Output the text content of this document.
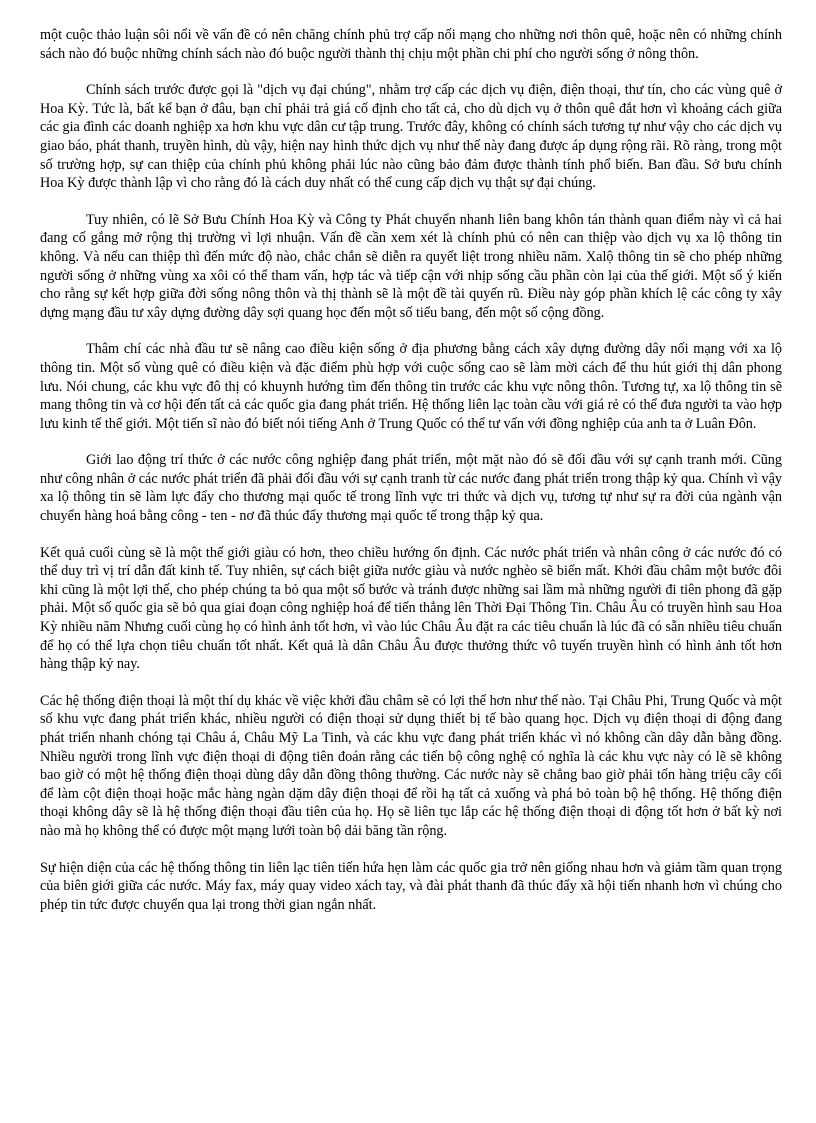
một cuộc thảo luận sôi nổi về vấn đề có nên chăng chính phủ trợ cấp nối mạng cho những nơi thôn quê, hoặc nên có những chính sách nào đó buộc những chính sách nào đó buộc người thành thị chịu một phần chi phí cho người sống ở nông thôn.

Chính sách trước được gọi là "dịch vụ đại chúng", nhằm trợ cấp các dịch vụ điện, điện thoại, thư tín, cho các vùng quê ở Hoa Kỳ. Tức là, bất kể bạn ở đâu, bạn chỉ phải trả giá cố định cho tất cả, cho dù dịch vụ ở thôn quê đắt hơn vì khoảng cách giữa các gia đình các doanh nghiệp xa hơn khu vực dân cư tập trung. Trước đây, không có chính sách tương tự như vậy cho các dịch vụ giao báo, phát thanh, truyền hình, dù vậy, hiện nay hình thức dịch vụ như thế này đang được áp dụng rộng rãi. Rõ ràng, trong một số trường hợp, sự can thiệp của chính phủ không phải lúc nào cũng bảo đảm được thành tính phổ biến. Ban đầu. Sở bưu chính Hoa Kỳ được thành lập vì cho rằng đó là cách duy nhất có thể cung cấp dịch vụ thật sự đại chúng.

Tuy nhiên, có lẽ Sở Bưu Chính Hoa Kỳ và Công ty Phát chuyển nhanh liên bang khôn tán thành quan điểm này vì cả hai đang cố gắng mở rộng thị trường vì lợi nhuận. Vấn đề cần xem xét là chính phủ có nên can thiệp vào dịch vụ xa lộ thông tin không. Và nếu can thiệp thì đến mức độ nào, chắc chắn sẽ diễn ra quyết liệt trong nhiều năm. Xalộ thông tin sẽ cho phép những người sống ở những vùng xa xôi có thể tham vấn, hợp tác và tiếp cận với nhịp sống cầu phần còn lại của thế giới. Một số ý kiến cho rằng sự kết hợp giữa đời sống nông thôn và thị thành sẽ là một đề tài quyến rũ. Điều này góp phần khích lệ các công ty xây dựng mạng đầu tư xây dựng đường dây sợi quang học đến một số tiểu bang, đến một số cộng đồng.

Thâm chí các nhà đầu tư sẽ nâng cao điều kiện sống ở địa phương bằng cách xây dựng đường dây nối mạng với xa lộ thông tin. Một số vùng quê có điều kiện và đặc điểm phù hợp với cuộc sống cao sẽ làm mời cách để thu hút giới thị dân phong lưu. Nói chung, các khu vực đô thị có khuynh hướng tìm đến thông tin trước các khu vực nông thôn. Tương tự, xa lộ thông tin sẽ mang thông tin và cơ hội đến tất cả các quốc gia đang phát triển. Hệ thống liên lạc toàn cầu với giá rẻ có thể đưa người ta vào hợp lưu kinh tế thế giới. Một tiến sĩ nào đó biết nói tiếng Anh ở Trung Quốc có thể tư vấn với đồng nghiệp của anh ta ở Luân Đôn.

Giới lao động trí thức ở các nước công nghiệp đang phát triển, một mặt nào đó sẽ đối đầu với sự cạnh tranh mới. Cũng như công nhân ở các nước phát triển đã phải đối đầu với sự cạnh tranh từ các nước đang phát triển trong thập kỷ qua. Chính vì vậy xa lộ thông tin sẽ làm lực đẩy cho thương mại quốc tế trong lĩnh vực tri thức và dịch vụ, tương tự như sự ra đời của ngành vận chuyển hàng hoá bằng công - ten - nơ đã thúc đẩy thương mại quốc tế trong thập kỷ qua.

Kết quả cuối cùng sẽ là một thế giới giàu có hơn, theo chiều hướng ổn định. Các nước phát triển và nhân công ở các nước đó có thể duy trì vị trí dẫn đất kinh tế. Tuy nhiên, sự cách biệt giữa nước giàu và nước nghèo sẽ biến mất. Khởi đầu châm một bước đôi khi cũng là một lợi thế, cho phép chúng ta bỏ qua một số bước và tránh được những sai lầm mà những người đi tiên phong đã gặp phải. Một số quốc gia sẽ bỏ qua giai đoạn công nghiệp hoá để tiến thẳng lên Thời Đại Thông Tin. Châu Âu có truyền hình sau Hoa Kỳ nhiều năm Nhưng cuối cùng họ có hình ảnh tốt hơn, vì vào lúc Châu Âu đặt ra các tiêu chuẩn là lúc đã có sẵn nhiều tiêu chuẩn để họ có thể lựa chọn tiêu chuẩn tốt nhất. Kết quả là dân Châu Âu được thưởng thức vô tuyến truyền hình có hình ảnh tốt hơn hàng thập kỷ nay.

Các hệ thống điện thoại là một thí dụ khác về việc khởi đầu châm sẽ có lợi thế hơn như thế nào. Tại Châu Phi, Trung Quốc và một số khu vực đang phát triển khác, nhiều người có điện thoại sử dụng thiết bị tế bào quang học. Dịch vụ điện thoại di động đang phát triển nhanh chóng tại Châu á, Châu Mỹ La Tinh, và các khu vực đang phát triển khác vì nó không cần dây dẫn bằng đồng. Nhiều người trong lĩnh vực điện thoại di động tiên đoán rằng các tiến bộ công nghệ có nghĩa là các khu vực này có lẽ sẽ không bao giờ có một hệ thống điện thoại dùng dây dẫn đồng thông thường. Các nước này sẽ chẳng bao giờ phải tốn hàng triệu cây cối để làm cột điện thoại hoặc mắc hàng ngàn dặm dây điện thoại để rồi hạ tất cả xuống và phá bỏ toàn bộ hệ thống. Hệ thống điện thoại không dây sẽ là hệ thống điện thoại đầu tiên của họ. Họ sẽ liên tục lắp các hệ thống điện thoại di động tốt hơn ở bất kỳ nơi nào mà họ không thể có được một mạng lưới toàn bộ dải băng tần rộng.

Sự hiện diện của các hệ thống thông tin liên lạc tiên tiến hứa hẹn làm các quốc gia trở nên giống nhau hơn và giảm tầm quan trọng của biên giới giữa các nước. Máy fax, máy quay video xách tay, và đài phát thanh đã thúc đẩy xã hội tiến nhanh hơn vì chúng cho phép tin tức được chuyển qua lại trong thời gian ngắn nhất.
